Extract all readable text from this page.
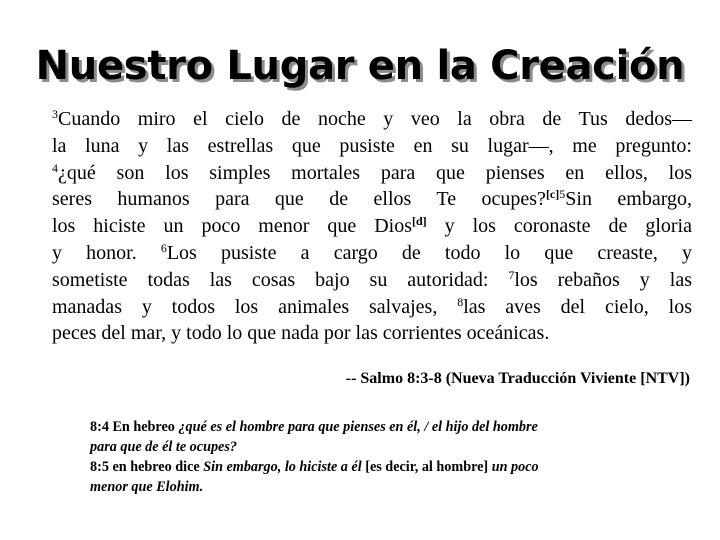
Nuestro Lugar en la Creación
$^3$Cuando miro el cielo de noche y veo la obra de Tus dedos—
la luna y las estrellas que pusiste en su lugar—, me pregunto:
$^4$¿qué son los simples mortales para que pienses en ellos, los
seres humanos para que de ellos Te ocupes?$^{[c]5}$Sin embargo,
los hiciste un poco menor que Dios[d] y los coronaste de gloria
y honor. $^6$Los pusiste a cargo de todo lo que creaste, y
sometiste todas las cosas bajo su autoridad: $^7$los rebaños y las
manadas y todos los animales salvajes, $^8$las aves del cielo, los
peces del mar, y todo lo que nada por las corrientes oceánicas.
-- Salmo 8:3-8 (Nueva Traducción Viviente [NTV])
8:4 En hebreo ¿qué es el hombre para que pienses en él, / el hijo del hombre
para que de él te ocupes?
8:5 en hebreo dice Sin embargo, lo hiciste a él [es decir, al hombre] un poco
menor que Elohim.
